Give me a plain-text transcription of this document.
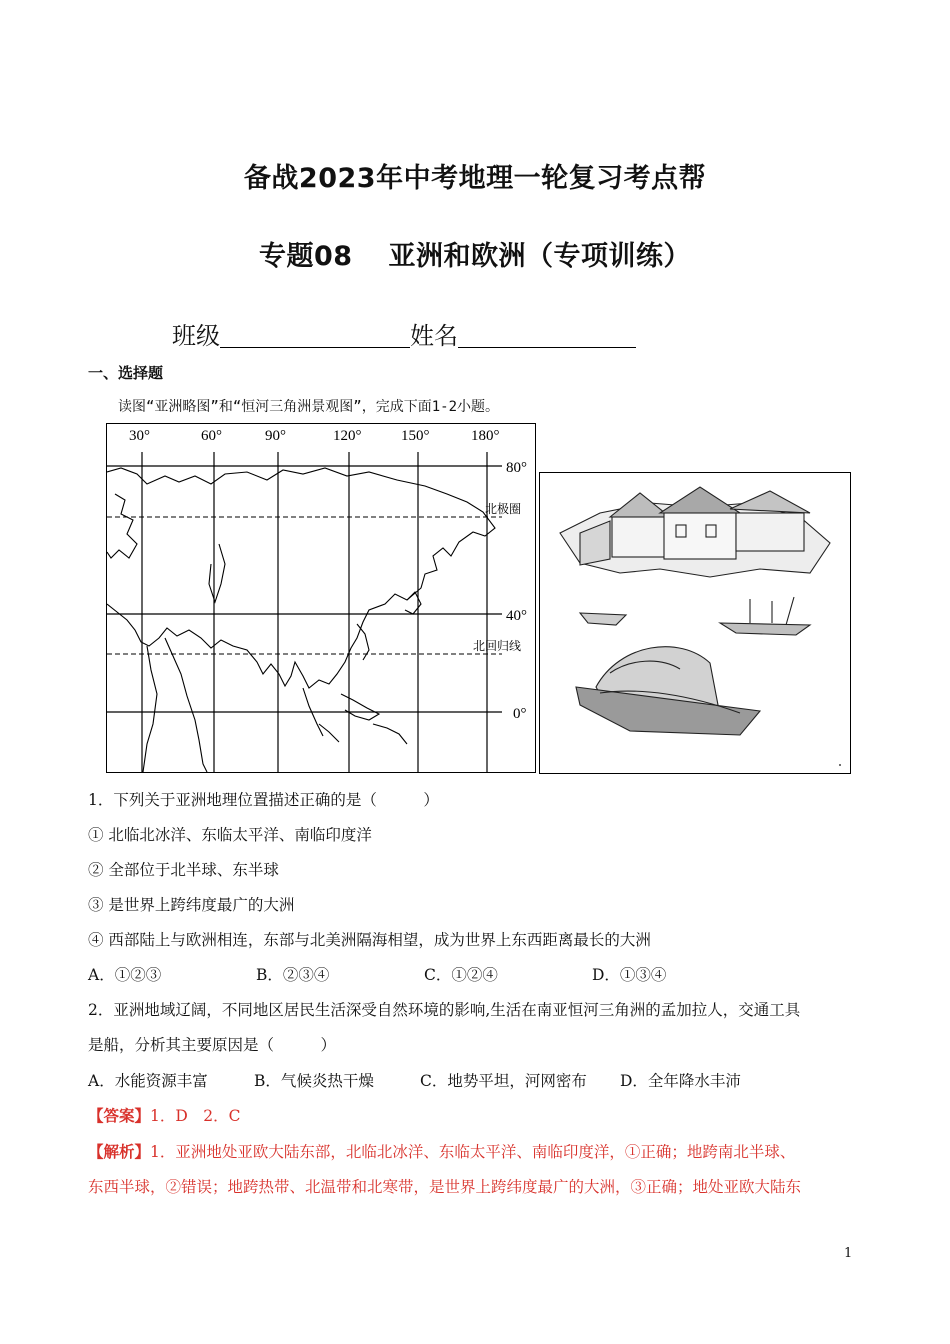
备战2023年中考地理一轮复习考点帮
专题08 亚洲和欧洲（专项训练）
班级	姓名
一、选择题
读图“亚洲略图”和“恒河三角洲景观图”，完成下面1-2小题。
30°	60°	90°	120°	150°	180°
80°
40°
0°
北极圈
北回归线
1．下列关于亚洲地理位置描述正确的是（　　　）
① 北临北冰洋、东临太平洋、南临印度洋
② 全部位于北半球、东半球
③ 是世界上跨纬度最广的大洲
④ 西部陆上与欧洲相连，东部与北美洲隔海相望，成为世界上东西距离最长的大洲
A．①②③	B．②③④	C．①②④	D．①③④
2．亚洲地域辽阔，不同地区居民生活深受自然环境的影响,生活在南亚恒河三角洲的孟加拉人，交通工具
是船，分析其主要原因是（　　　）
A．水能资源丰富	B．气候炎热干燥	C．地势平坦，河网密布 D．全年降水丰沛
【答案】1．D　2．C
【解析】1．亚洲地处亚欧大陆东部，北临北冰洋、东临太平洋、南临印度洋，①正确；地跨南北半球、
东西半球，②错误；地跨热带、北温带和北寒带，是世界上跨纬度最广的大洲，③正确；地处亚欧大陆东
1
